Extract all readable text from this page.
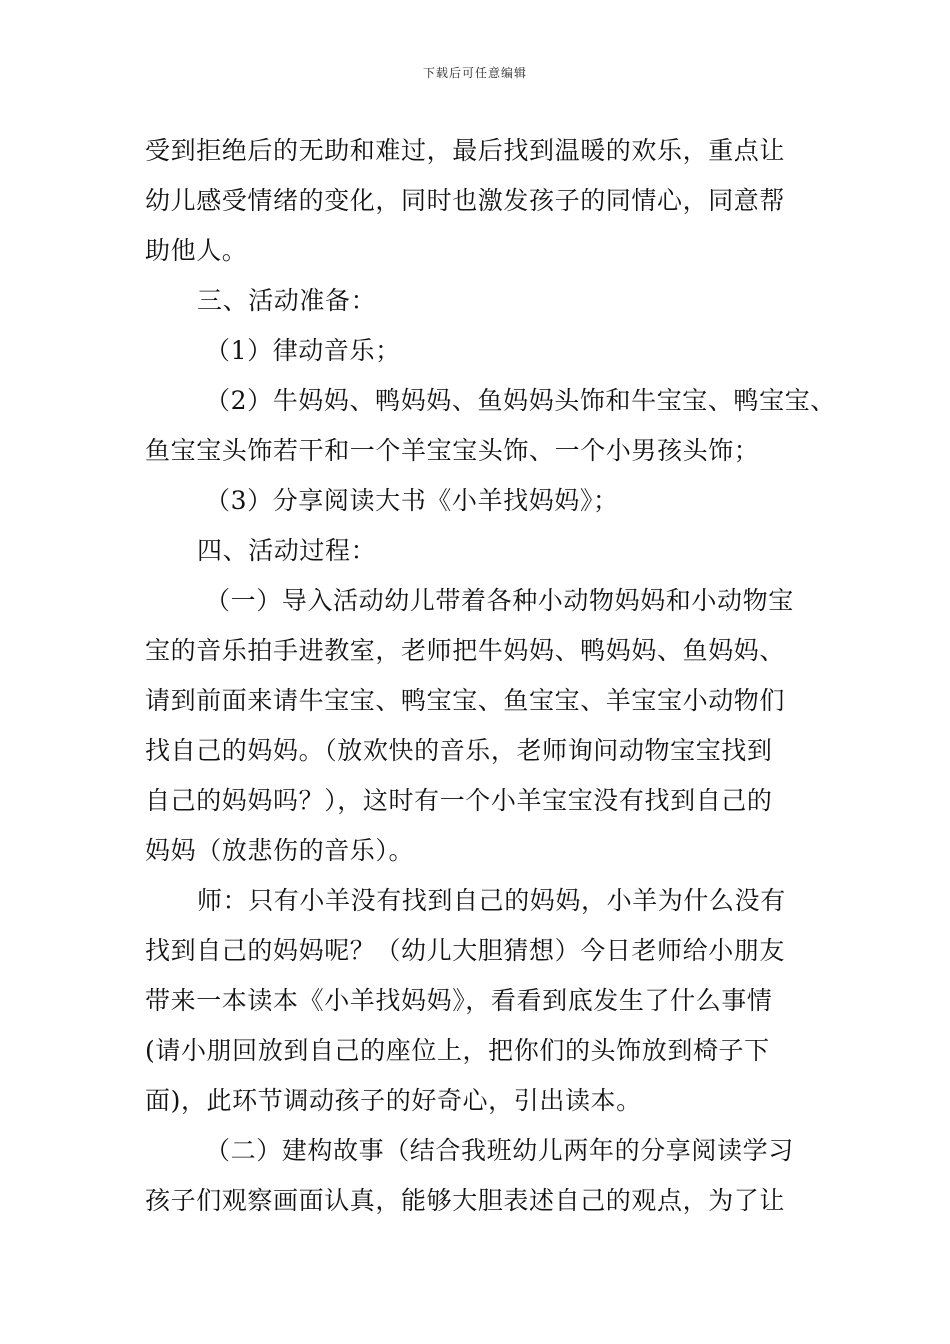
下载后可任意编辑
受到拒绝后的无助和难过，最后找到温暖的欢乐，重点让
幼儿感受情绪的变化，同时也激发孩子的同情心，同意帮
助他人。
三、活动准备：
（1）律动音乐；
（2）牛妈妈、鸭妈妈、鱼妈妈头饰和牛宝宝、鸭宝宝、
鱼宝宝头饰若干和一个羊宝宝头饰、一个小男孩头饰；
（3）分享阅读大书《小羊找妈妈》；
四、活动过程：
（一）导入活动幼儿带着各种小动物妈妈和小动物宝
宝的音乐拍手进教室，老师把牛妈妈、鸭妈妈、鱼妈妈、
请到前面来请牛宝宝、鸭宝宝、鱼宝宝、羊宝宝小动物们
找自己的妈妈。（放欢快的音乐，老师询问动物宝宝找到
自己的妈妈吗？），这时有一个小羊宝宝没有找到自己的
妈妈（放悲伤的音乐）。
师：只有小羊没有找到自己的妈妈，小羊为什么没有
找到自己的妈妈呢？（幼儿大胆猜想）今日老师给小朋友
带来一本读本《小羊找妈妈》，看看到底发生了什么事情
(请小朋回放到自己的座位上，把你们的头饰放到椅子下
面)，此环节调动孩子的好奇心，引出读本。
（二）建构故事（结合我班幼儿两年的分享阅读学习
孩子们观察画面认真，能够大胆表述自己的观点，为了让
